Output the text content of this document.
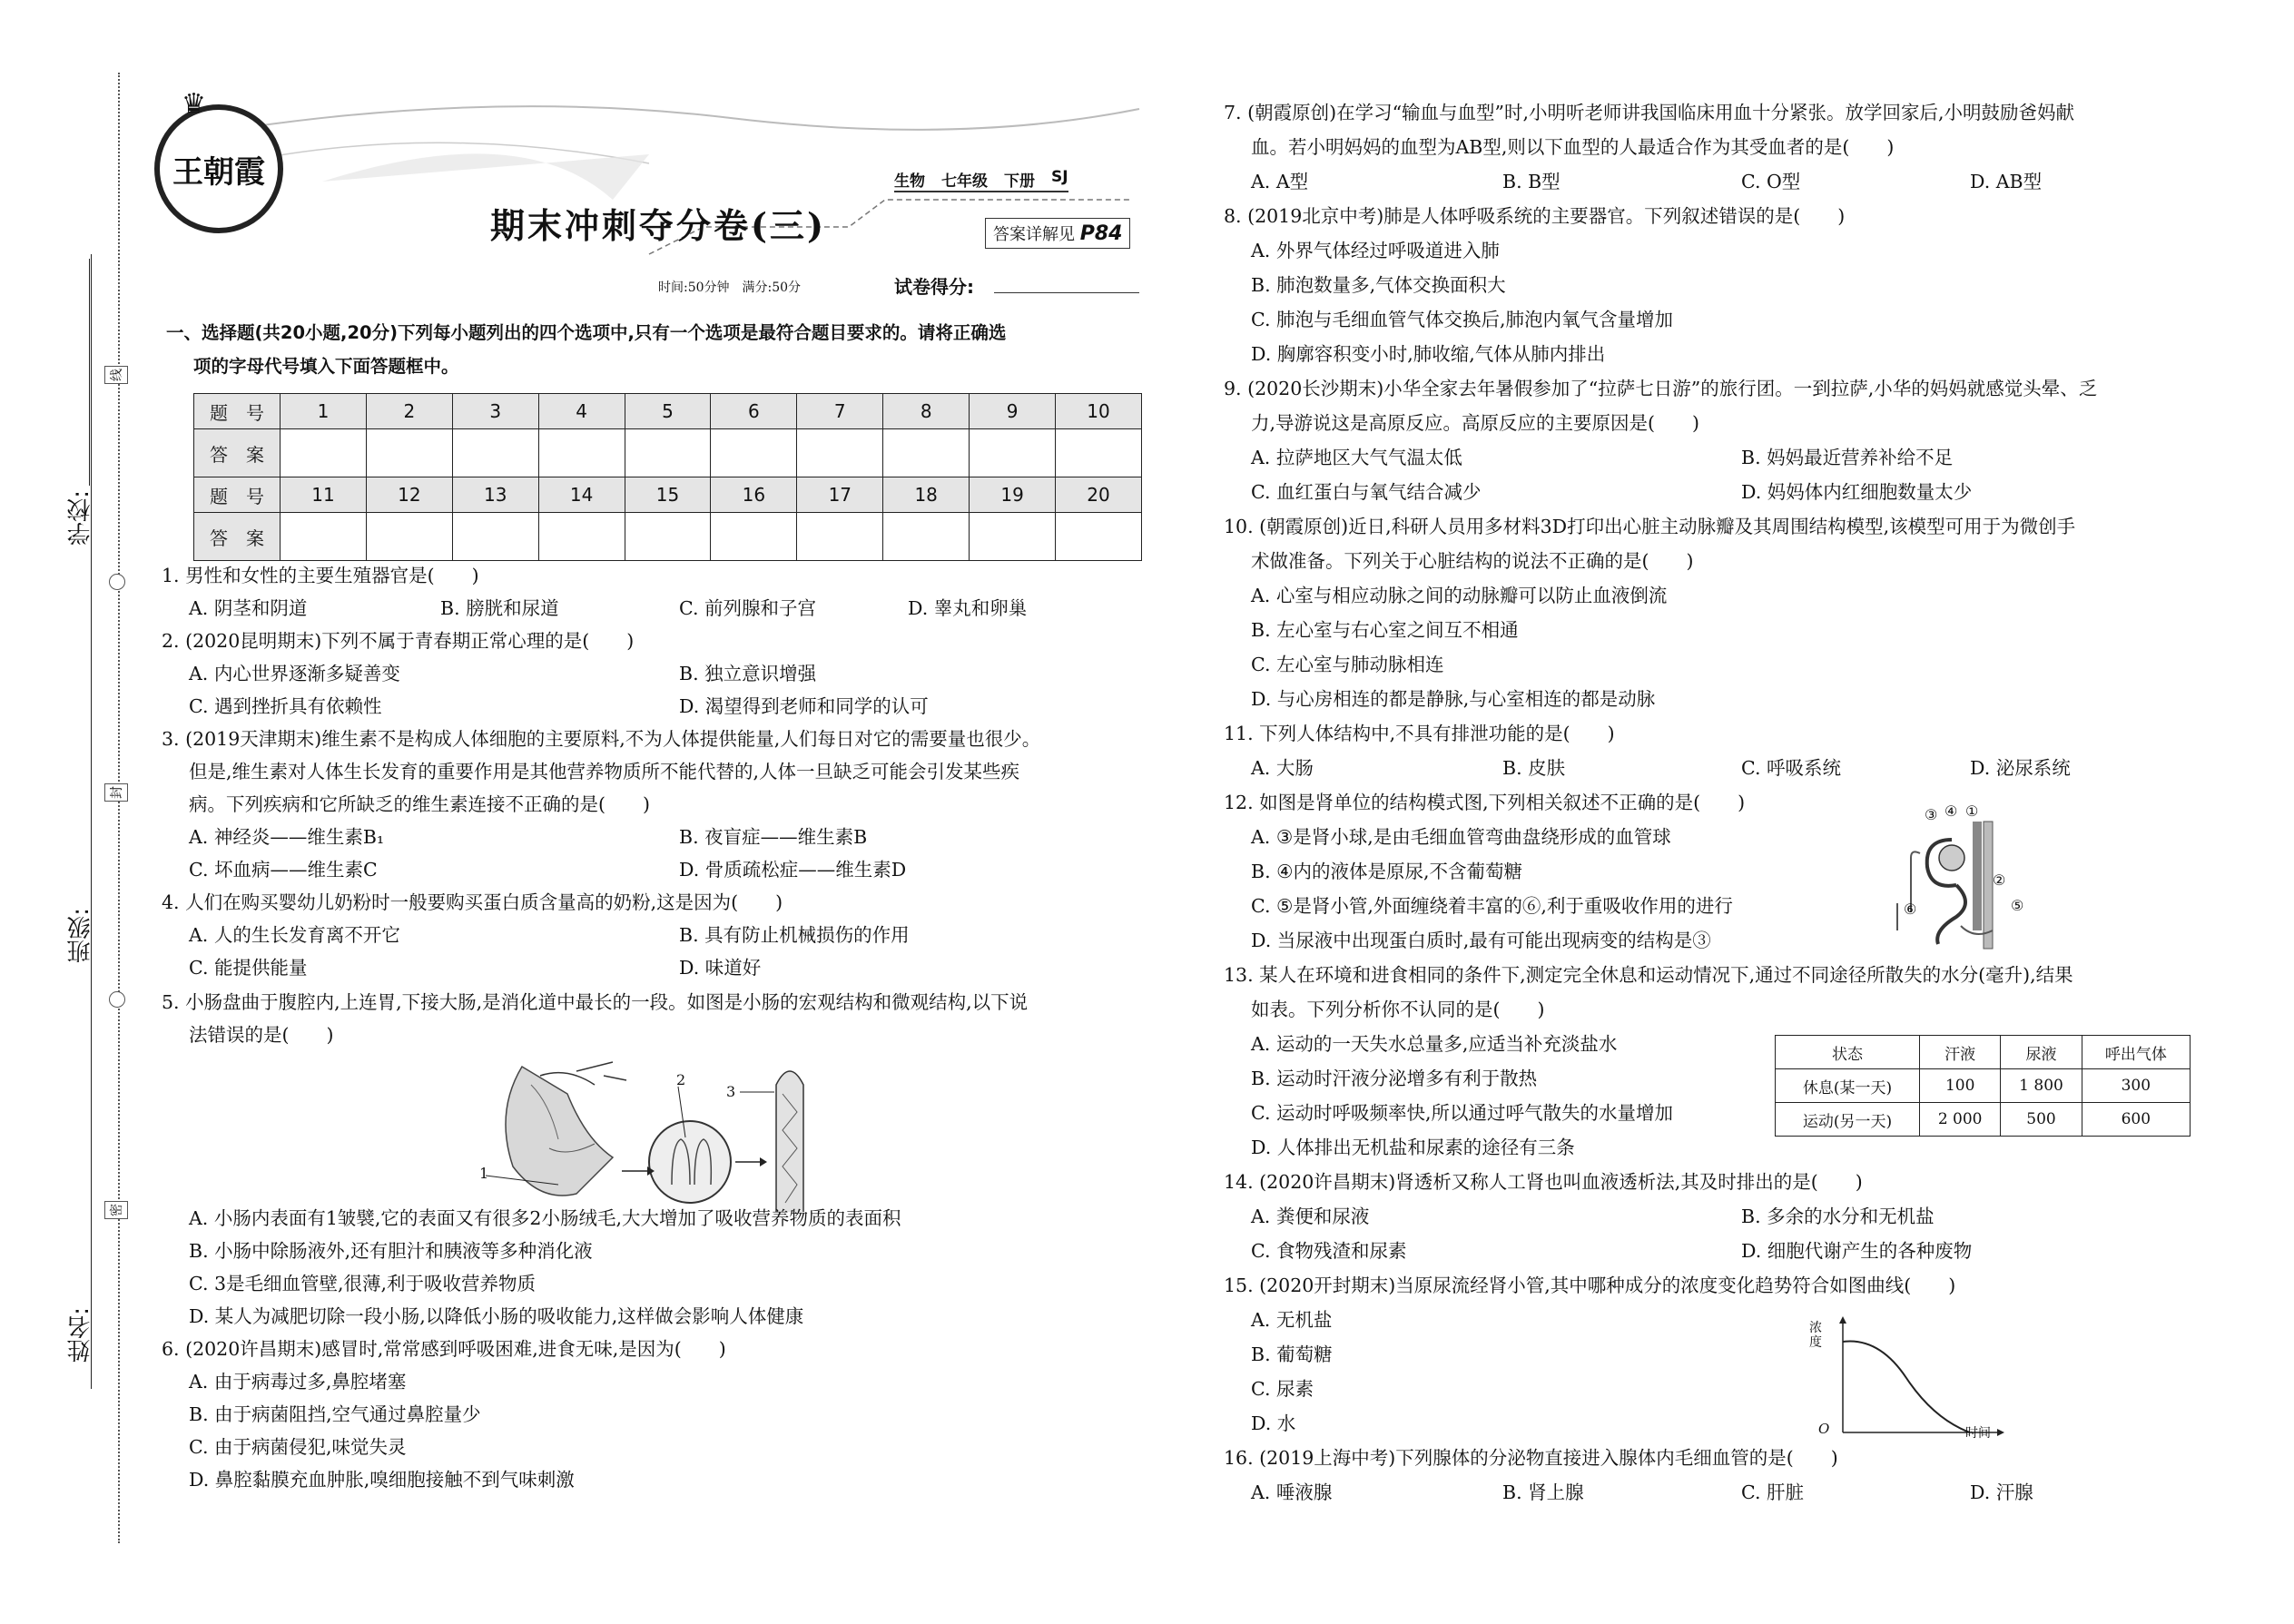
学校:
班级:
姓名:
线
封
密
王朝霞
♛
生物 七年级 下册 SJ
期末冲刺夺分卷(三)	答案详解见 P84
时间:50分钟　满分:50分	试卷得分:
一、选择题(共20小题,20分)下列每小题列出的四个选项中,只有一个选项是最符合题目要求的。请将正确选
项的字母代号填入下面答题框中。
题　号	1	2	3	4	5	6	7	8	9	10
答　案										
题　号	11	12	13	14	15	16	17	18	19	20
答　案										
1. 男性和女性的主要生殖器官是(　　)
A. 阴茎和阴道	B. 膀胱和尿道	C. 前列腺和子宫	D. 睾丸和卵巢
2. (2020昆明期末)下列不属于青春期正常心理的是(　　)
A. 内心世界逐渐多疑善变	B. 独立意识增强
C. 遇到挫折具有依赖性	D. 渴望得到老师和同学的认可
3. (2019天津期末)维生素不是构成人体细胞的主要原料,不为人体提供能量,人们每日对它的需要量也很少。
但是,维生素对人体生长发育的重要作用是其他营养物质所不能代替的,人体一旦缺乏可能会引发某些疾
病。下列疾病和它所缺乏的维生素连接不正确的是(　　)
A. 神经炎——维生素B₁	B. 夜盲症——维生素B
C. 坏血病——维生素C	D. 骨质疏松症——维生素D
4. 人们在购买婴幼儿奶粉时一般要购买蛋白质含量高的奶粉,这是因为(　　)
A. 人的生长发育离不开它	B. 具有防止机械损伤的作用
C. 能提供能量	D. 味道好
5. 小肠盘曲于腹腔内,上连胃,下接大肠,是消化道中最长的一段。如图是小肠的宏观结构和微观结构,以下说
法错误的是(　　)
1
2
3
A. 小肠内表面有1皱襞,它的表面又有很多2小肠绒毛,大大增加了吸收营养物质的表面积
B. 小肠中除肠液外,还有胆汁和胰液等多种消化液
C. 3是毛细血管壁,很薄,利于吸收营养物质
D. 某人为减肥切除一段小肠,以降低小肠的吸收能力,这样做会影响人体健康
6. (2020许昌期末)感冒时,常常感到呼吸困难,进食无味,是因为(　　)
A. 由于病毒过多,鼻腔堵塞
B. 由于病菌阻挡,空气通过鼻腔量少
C. 由于病菌侵犯,味觉失灵
D. 鼻腔黏膜充血肿胀,嗅细胞接触不到气味刺激
7. (朝霞原创)在学习“输血与血型”时,小明听老师讲我国临床用血十分紧张。放学回家后,小明鼓励爸妈献
血。若小明妈妈的血型为AB型,则以下血型的人最适合作为其受血者的是(　　)
A. A型	B. B型	C. O型	D. AB型
8. (2019北京中考)肺是人体呼吸系统的主要器官。下列叙述错误的是(　　)
A. 外界气体经过呼吸道进入肺
B. 肺泡数量多,气体交换面积大
C. 肺泡与毛细血管气体交换后,肺泡内氧气含量增加
D. 胸廓容积变小时,肺收缩,气体从肺内排出
9. (2020长沙期末)小华全家去年暑假参加了“拉萨七日游”的旅行团。一到拉萨,小华的妈妈就感觉头晕、乏
力,导游说这是高原反应。高原反应的主要原因是(　　)
A. 拉萨地区大气气温太低	B. 妈妈最近营养补给不足
C. 血红蛋白与氧气结合减少	D. 妈妈体内红细胞数量太少
10. (朝霞原创)近日,科研人员用多材料3D打印出心脏主动脉瓣及其周围结构模型,该模型可用于为微创手
术做准备。下列关于心脏结构的说法不正确的是(　　)
A. 心室与相应动脉之间的动脉瓣可以防止血液倒流
B. 左心室与右心室之间互不相通
C. 左心室与肺动脉相连
D. 与心房相连的都是静脉,与心室相连的都是动脉
11. 下列人体结构中,不具有排泄功能的是(　　)
A. 大肠	B. 皮肤	C. 呼吸系统	D. 泌尿系统
12. 如图是肾单位的结构模式图,下列相关叙述不正确的是(　　)
A. ③是肾小球,是由毛细血管弯曲盘绕形成的血管球
B. ④内的液体是原尿,不含葡萄糖
C. ⑤是肾小管,外面缠绕着丰富的⑥,利于重吸收作用的进行
D. 当尿液中出现蛋白质时,最有可能出现病变的结构是③
③ ④ ①
②
⑤
⑥
13. 某人在环境和进食相同的条件下,测定完全休息和运动情况下,通过不同途径所散失的水分(毫升),结果
如表。下列分析你不认同的是(　　)
A. 运动的一天失水总量多,应适当补充淡盐水
B. 运动时汗液分泌增多有利于散热
C. 运动时呼吸频率快,所以通过呼气散失的水量增加
D. 人体排出无机盐和尿素的途径有三条
状态	汗液	尿液	呼出气体
休息(某一天)	100	1 800	300
运动(另一天)	2 000	500	600
14. (2020许昌期末)肾透析又称人工肾也叫血液透析法,其及时排出的是(　　)
A. 粪便和尿液	B. 多余的水分和无机盐
C. 食物残渣和尿素	D. 细胞代谢产生的各种废物
15. (2020开封期末)当原尿流经肾小管,其中哪种成分的浓度变化趋势符合如图曲线(　　)
A. 无机盐
B. 葡萄糖
C. 尿素
D. 水
浓度
时间
O
16. (2019上海中考)下列腺体的分泌物直接进入腺体内毛细血管的是(　　)
A. 唾液腺	B. 肾上腺	C. 肝脏	D. 汗腺
